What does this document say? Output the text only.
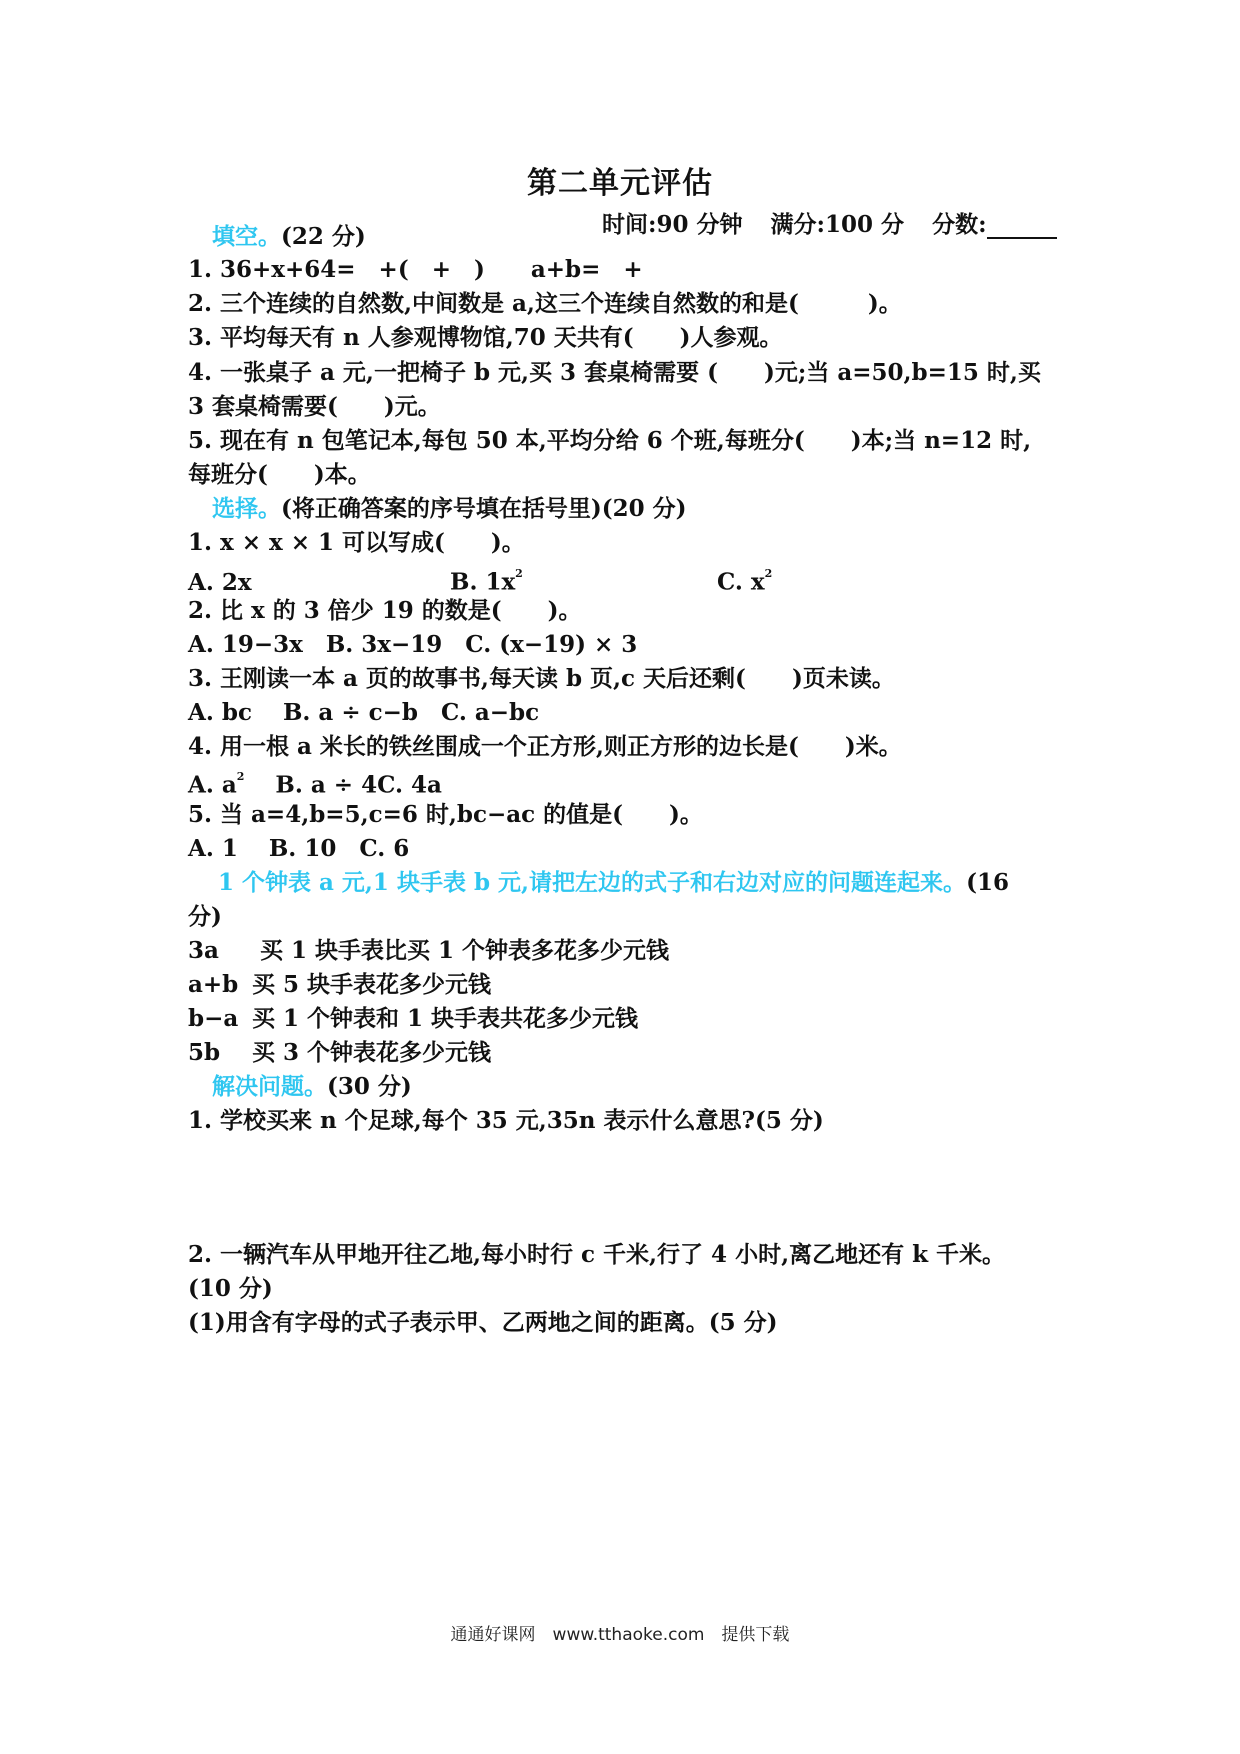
第二单元评估
时间:90 分钟 满分:100 分 分数:
填空。(22 分)
1. 36+x+64=　+(　+　)　　a+b=　+
2. 三个连续的自然数,中间数是 a,这三个连续自然数的和是(　　　)。
3. 平均每天有 n 人参观博物馆,70 天共有(　　)人参观。
4. 一张桌子 a 元,一把椅子 b 元,买 3 套桌椅需要 (　　)元;当 a=50,b=15 时,买
3 套桌椅需要(　　)元。
5. 现在有 n 包笔记本,每包 50 本,平均分给 6 个班,每班分(　　)本;当 n=12 时,
每班分(　　)本。
选择。(将正确答案的序号填在括号里)(20 分)
1. x × x × 1 可以写成(　　)。
A. 2x	B. $1x^2$	C. $x^2$
2. 比 x 的 3 倍少 19 的数是(　　)。
A. 19−3x　B. 3x−19　C. (x−19) × 3
3. 王刚读一本 a 页的故事书,每天读 b 页,c 天后还剩(　　)页未读。
A. bc　 B. a ÷ c−b　C. a−bc
4. 用一根 a 米长的铁丝围成一个正方形,则正方形的边长是(　　)米。
A. $a^2$　 B. a ÷ 4C. 4a
5. 当 a=4,b=5,c=6 时,bc−ac 的值是(　　)。
A. 1　 B. 10　C. 6
1 个钟表 a 元,1 块手表 b 元,请把左边的式子和右边对应的问题连起来。(16
分)
3a 买 1 块手表比买 1 个钟表多花多少元钱
a+b 买 5 块手表花多少元钱
b−a 买 1 个钟表和 1 块手表共花多少元钱
5b 买 3 个钟表花多少元钱
解决问题。(30 分)
1. 学校买来 n 个足球,每个 35 元,35n 表示什么意思?(5 分)
2. 一辆汽车从甲地开往乙地,每小时行 c 千米,行了 4 小时,离乙地还有 k 千米。
(10 分)
(1)用含有字母的式子表示甲、乙两地之间的距离。(5 分)
通通好课网　www.tthaoke.com　提供下载
